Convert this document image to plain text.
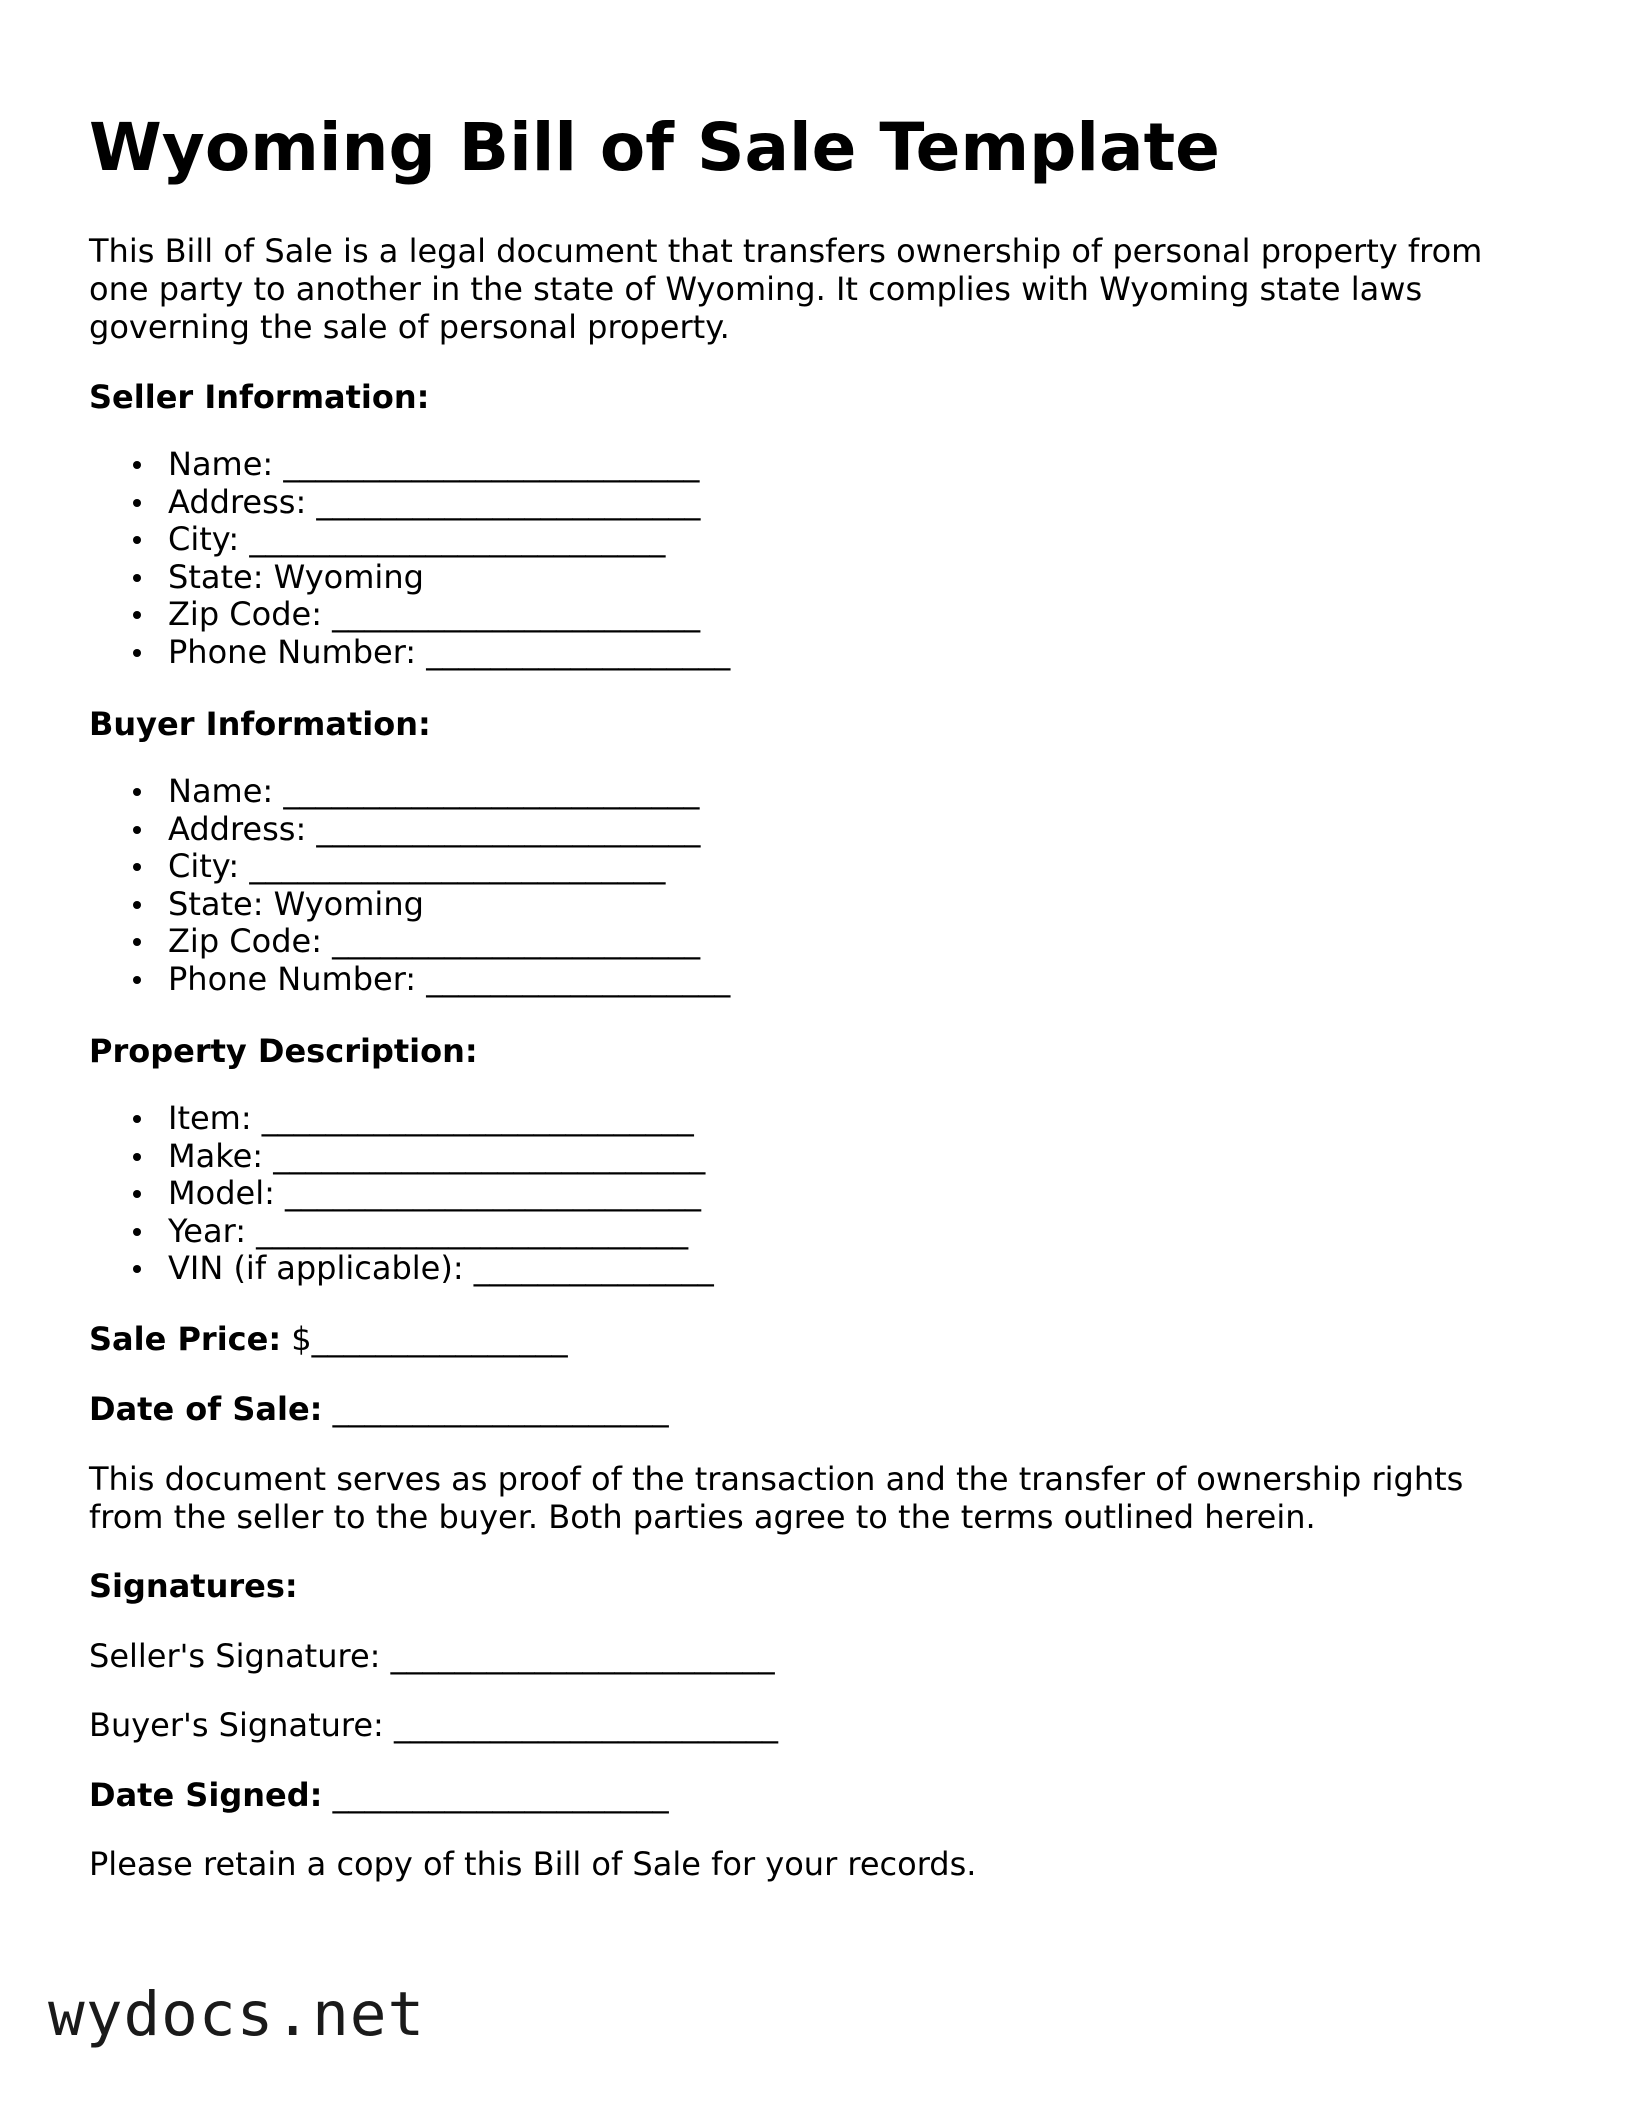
Wyoming Bill of Sale Template

This Bill of Sale is a legal document that transfers ownership of personal property from one party to another in the state of Wyoming. It complies with Wyoming state laws governing the sale of personal property.

Seller Information:

Name: __________________________
Address: ________________________
City: __________________________
State: Wyoming
Zip Code: _______________________
Phone Number: ___________________

Buyer Information:

Name: __________________________
Address: ________________________
City: __________________________
State: Wyoming
Zip Code: _______________________
Phone Number: ___________________

Property Description:

Item: ___________________________
Make: ___________________________
Model: __________________________
Year: ___________________________
VIN (if applicable): _______________

Sale Price: $________________

Date of Sale: _____________________

This document serves as proof of the transaction and the transfer of ownership rights from the seller to the buyer. Both parties agree to the terms outlined herein.

Signatures:

Seller's Signature: ________________________

Buyer's Signature: ________________________

Date Signed: _____________________

Please retain a copy of this Bill of Sale for your records.

wydocs.net
